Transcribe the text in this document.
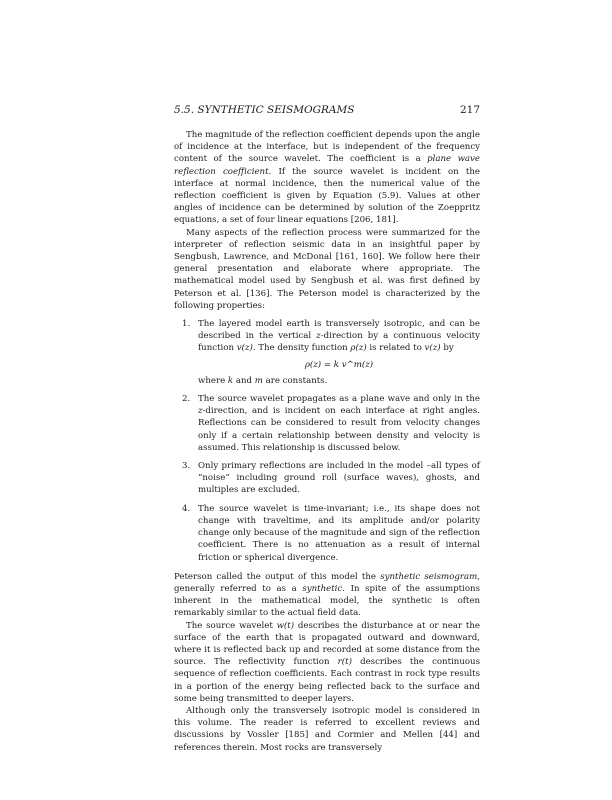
5.5. SYNTHETIC SEISMOGRAMS	217

The magnitude of the reflection coefficient depends upon the angle of incidence at the interface, but is independent of the frequency content of the source wavelet. The coefficient is a plane wave reflection coefficient. If the source wavelet is incident on the interface at normal incidence, then the numerical value of the reflection coefficient is given by Equation (5.9). Values at other angles of incidence can be determined by solution of the Zoeppritz equations, a set of four linear equations [206, 181].

Many aspects of the reflection process were summarized for the interpreter of reflection seismic data in an insightful paper by Sengbush, Lawrence, and McDonal [161, 160]. We follow here their general presentation and elaborate where appropriate. The mathematical model used by Sengbush et al. was first defined by Peterson et al. [136]. The Peterson model is characterized by the following properties:

1. The layered model earth is transversely isotropic, and can be described in the vertical z-direction by a continuous velocity function v(z). The density function ρ(z) is related to v(z) by
ρ(z) = k v^m(z)
where k and m are constants.
2. The source wavelet propagates as a plane wave and only in the z-direction, and is incident on each interface at right angles. Reflections can be considered to result from velocity changes only if a certain relationship between density and velocity is assumed. This relationship is discussed below.
3. Only primary reflections are included in the model –all types of “noise” including ground roll (surface waves), ghosts, and multiples are excluded.
4. The source wavelet is time-invariant; i.e., its shape does not change with traveltime, and its amplitude and/or polarity change only because of the magnitude and sign of the reflection coefficient. There is no attenuation as a result of internal friction or spherical divergence.

Peterson called the output of this model the synthetic seismogram, generally referred to as a synthetic. In spite of the assumptions inherent in the mathematical model, the synthetic is often remarkably similar to the actual field data.

The source wavelet w(t) describes the disturbance at or near the surface of the earth that is propagated outward and downward, where it is reflected back up and recorded at some distance from the source. The reflectivity function r(t) describes the continuous sequence of reflection coefficients. Each contrast in rock type results in a portion of the energy being reflected back to the surface and some being transmitted to deeper layers.

Although only the transversely isotropic model is considered in this volume. The reader is referred to excellent reviews and discussions by Vossler [185] and Cormier and Mellen [44] and references therein. Most rocks are transversely
